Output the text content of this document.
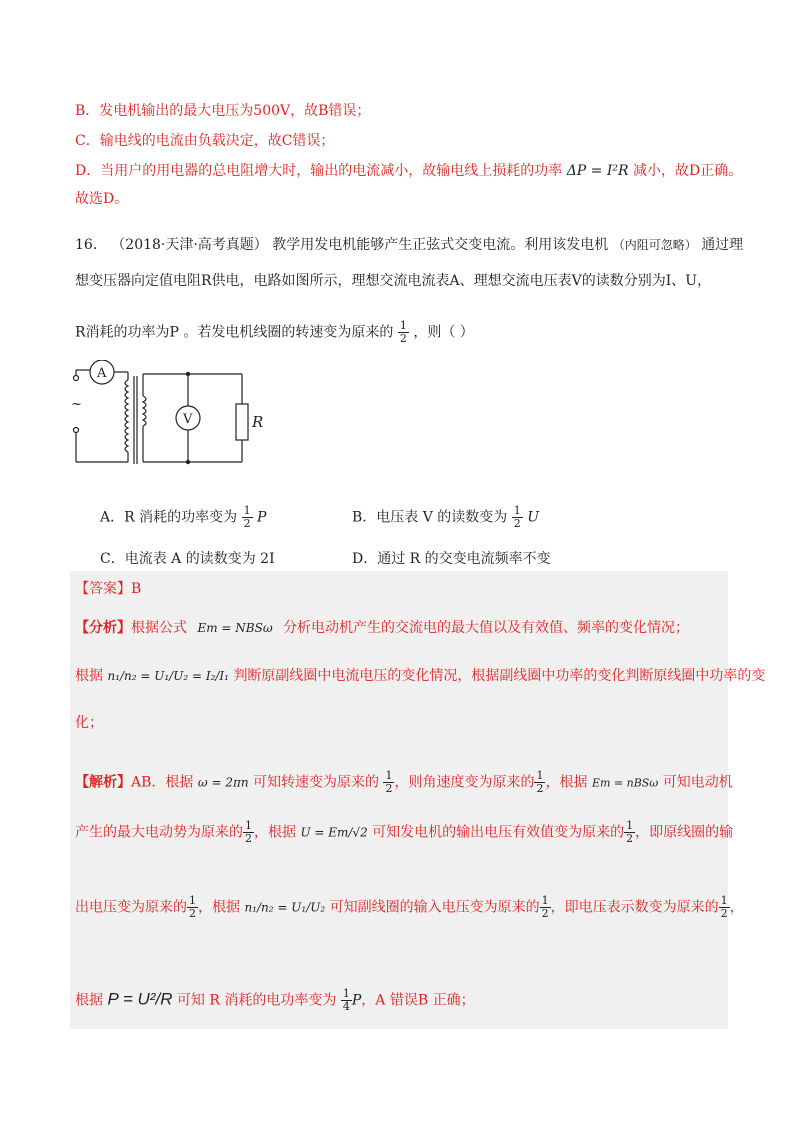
B．发电机输出的最大电压为500V，故B错误；
C．输电线的电流由负载决定，故C错误；
D．当用户的用电器的总电阻增大时，输出的电流减小，故输电线上损耗的功率 ΔP = I²R 减小，故D正确。
故选D。
16． （2018·天津·高考真题） 教学用发电机能够产生正弦式交变电流。利用该发电机 （内阻可忽略） 通过理
想变压器向定值电阻R供电，电路如图所示，理想交流电流表A、理想交流电压表V的读数分别为I、U，
R消耗的功率为P 。若发电机线圈的转速变为原来的 $\frac{1}{2}$ ，则（ ）
A
V	R
~
A．R 消耗的功率变为 $\frac{1}{2}$ P	B．电压表 V 的读数变为 $\frac{1}{2}$ U
C．电流表 A 的读数变为 2I	D．通过 R 的交变电流频率不变
【答案】B
【分析】根据公式 Em = NBSω 分析电动机产生的交流电的最大值以及有效值、频率的变化情况；
根据 n₁/n₂ = U₁/U₂ = I₂/I₁ 判断原副线圈中电流电压的变化情况，根据副线圈中功率的变化判断原线圈中功率的变
化；
【解析】AB．根据 ω = 2πn 可知转速变为原来的 $\frac{1}{2}$ ，则角速度变为原来的 $\frac{1}{2}$ ，根据 Em = nBSω 可知电动机
产生的最大电动势为原来的 $\frac{1}{2}$ ，根据 U = Em/√2 可知发电机的输出电压有效值变为原来的 $\frac{1}{2}$ ，即原线圈的输
出电压变为原来的 $\frac{1}{2}$ ，根据 n₁/n₂ = U₁/U₂ 可知副线圈的输入电压变为原来的 $\frac{1}{2}$ ，即电压表示数变为原来的 $\frac{1}{2}$ ，
根据 P = U²/R 可知 R 消耗的电功率变为 $\frac{1}{4}$ P，A 错误B 正确；
